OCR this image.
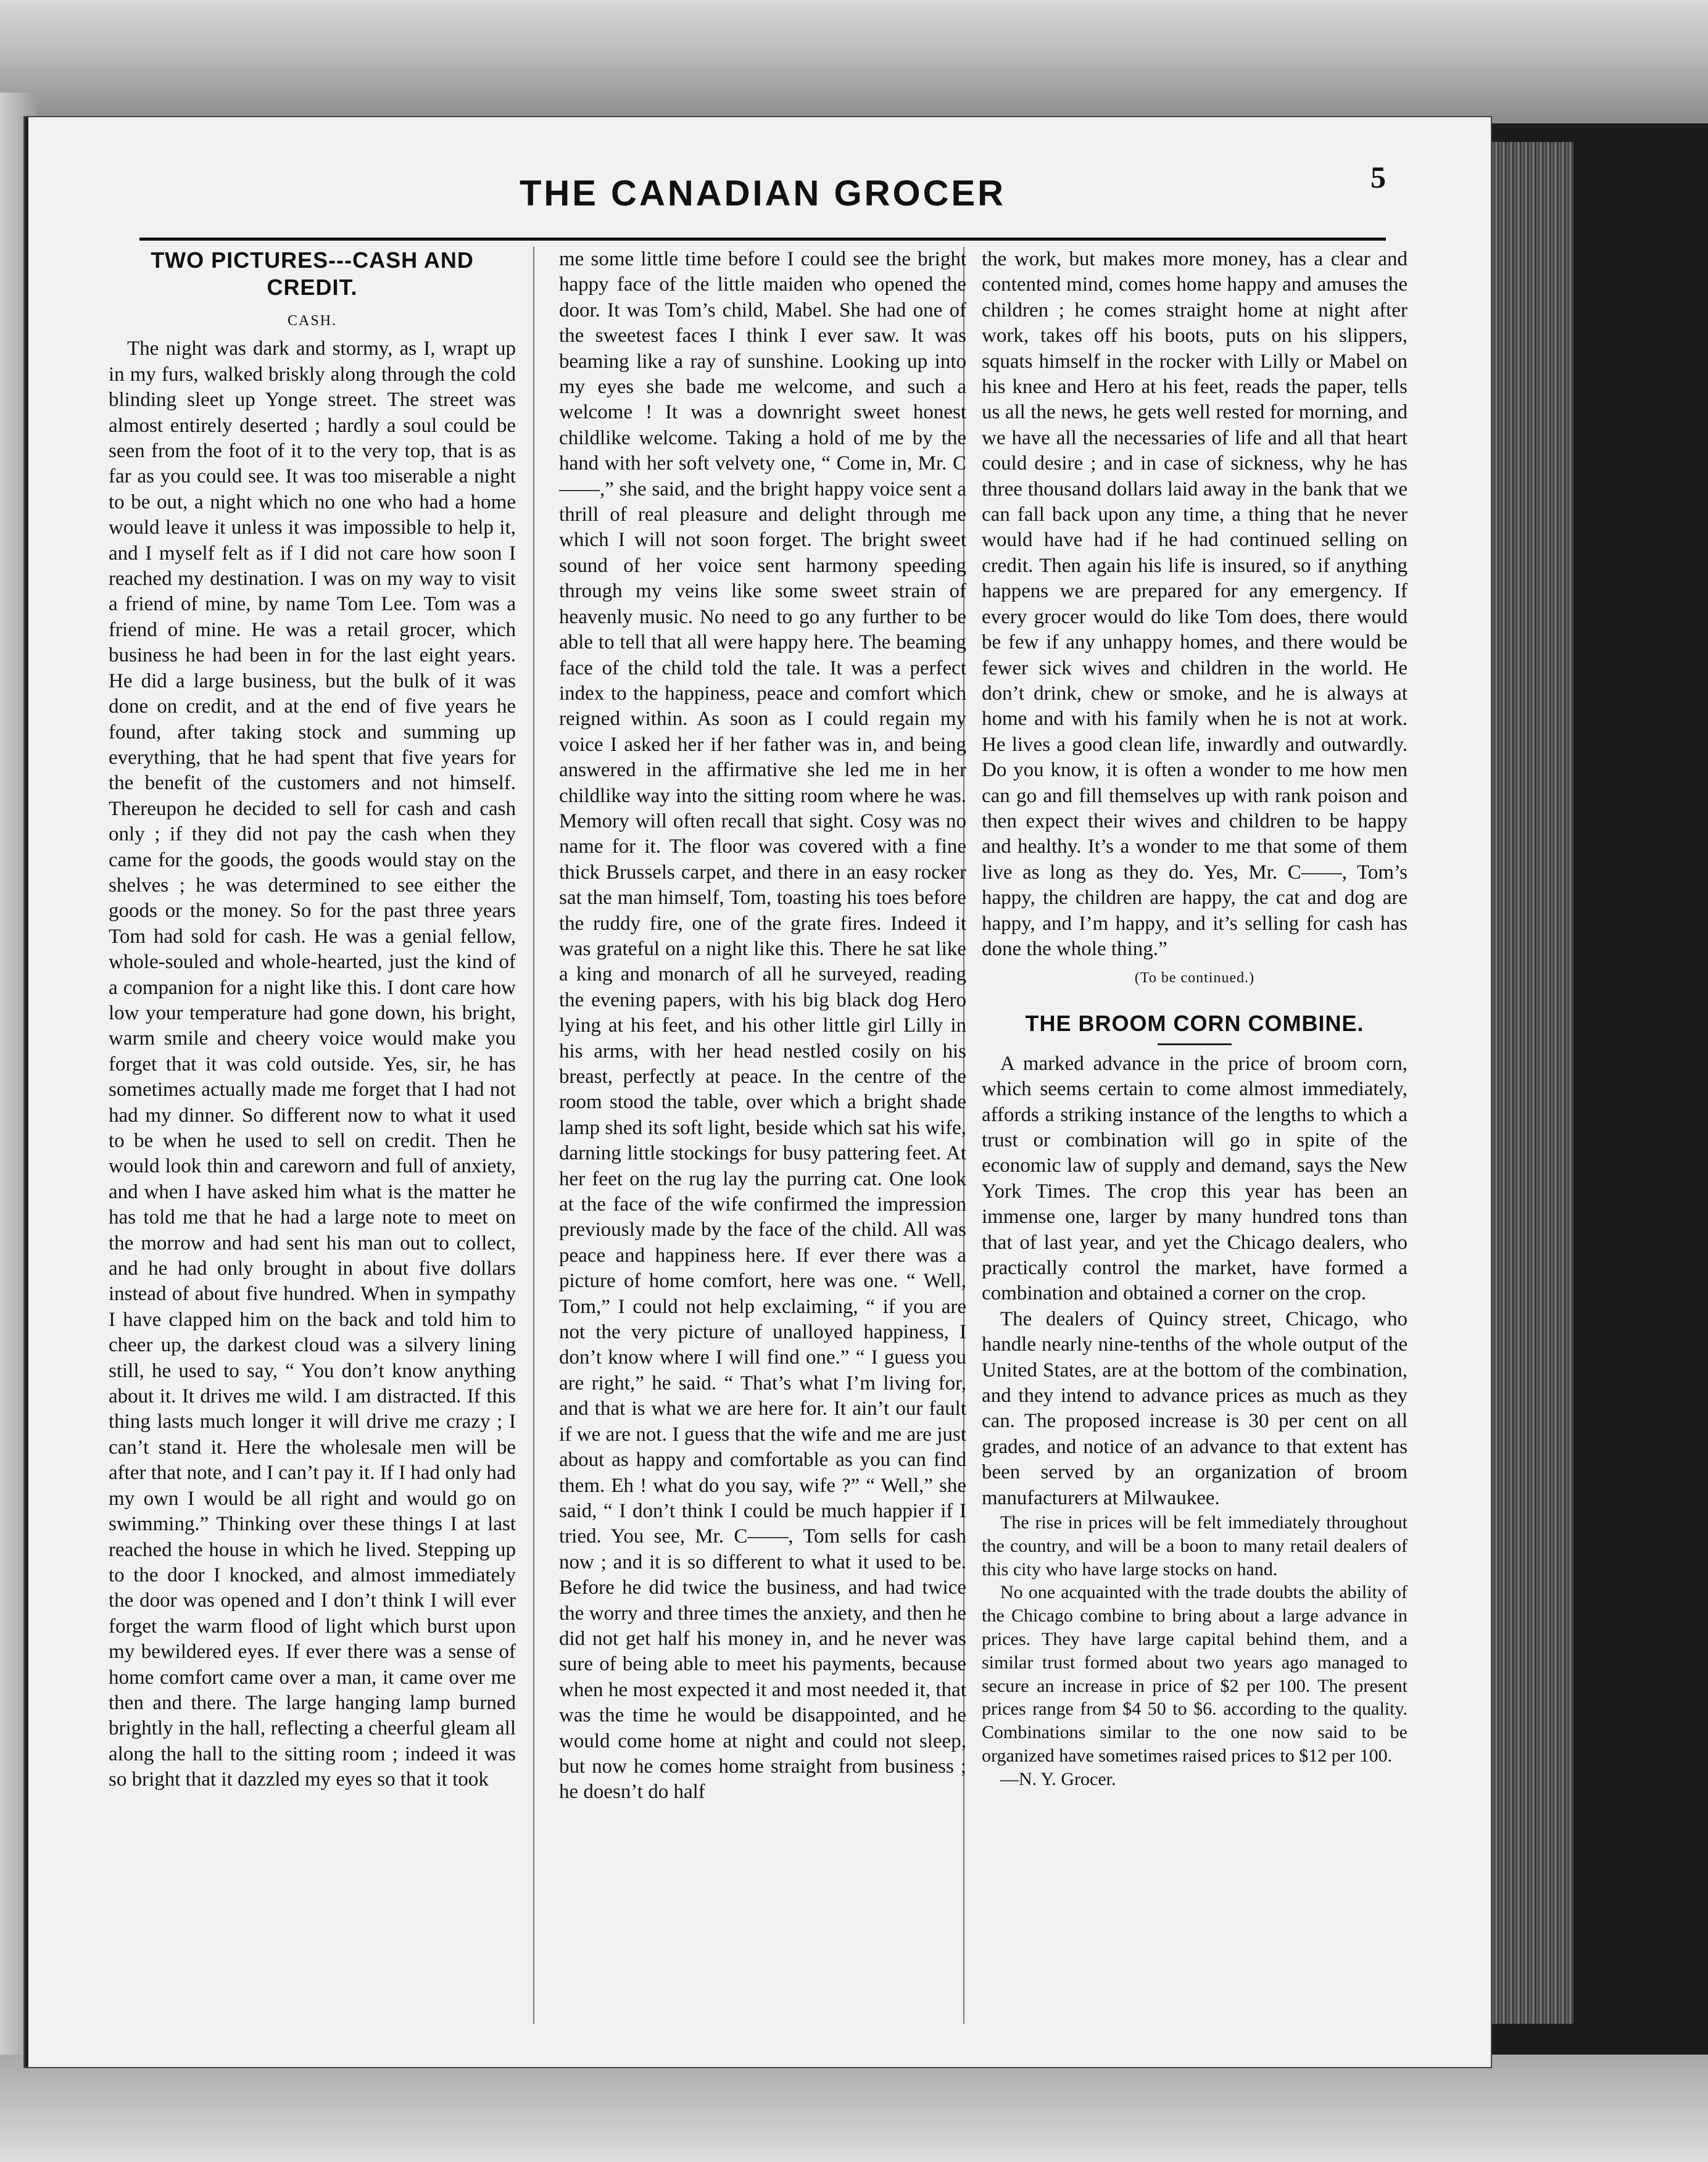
THE CANADIAN GROCER	5
TWO PICTURES---CASH AND CREDIT.
CASH.

The night was dark and stormy, as I, wrapt up in my furs, walked briskly along through the cold blinding sleet up Yonge street. The street was almost entirely deserted ; hardly a soul could be seen from the foot of it to the very top, that is as far as you could see. It was too miserable a night to be out, a night which no one who had a home would leave it unless it was impossible to help it, and I myself felt as if I did not care how soon I reached my destination. I was on my way to visit a friend of mine, by name Tom Lee. Tom was a friend of mine. He was a retail grocer, which business he had been in for the last eight years. He did a large business, but the bulk of it was done on credit, and at the end of five years he found, after taking stock and summing up everything, that he had spent that five years for the benefit of the customers and not himself. Thereupon he decided to sell for cash and cash only ; if they did not pay the cash when they came for the goods, the goods would stay on the shelves ; he was determined to see either the goods or the money. So for the past three years Tom had sold for cash. He was a genial fellow, whole-souled and whole-hearted, just the kind of a companion for a night like this. I dont care how low your temperature had gone down, his bright, warm smile and cheery voice would make you forget that it was cold outside. Yes, sir, he has sometimes actually made me forget that I had not had my dinner. So different now to what it used to be when he used to sell on credit. Then he would look thin and careworn and full of anxiety, and when I have asked him what is the matter he has told me that he had a large note to meet on the morrow and had sent his man out to collect, and he had only brought in about five dollars instead of about five hundred. When in sympathy I have clapped him on the back and told him to cheer up, the darkest cloud was a silvery lining still, he used to say, “ You don’t know anything about it. It drives me wild. I am distracted. If this thing lasts much longer it will drive me crazy ; I can’t stand it. Here the wholesale men will be after that note, and I can’t pay it. If I had only had my own I would be all right and would go on swimming.” Thinking over these things I at last reached the house in which he lived. Stepping up to the door I knocked, and almost immediately the door was opened and I don’t think I will ever forget the warm flood of light which burst upon my bewildered eyes. If ever there was a sense of home comfort came over a man, it came over me then and there. The large hanging lamp burned brightly in the hall, reflecting a cheerful gleam all along the hall to the sitting room ; indeed it was so bright that it dazzled my eyes so that it took

me some little time before I could see the bright happy face of the little maiden who opened the door. It was Tom’s child, Mabel. She had one of the sweetest faces I think I ever saw. It was beaming like a ray of sunshine. Looking up into my eyes she bade me welcome, and such a welcome ! It was a downright sweet honest childlike welcome. Taking a hold of me by the hand with her soft velvety one, “ Come in, Mr. C——,” she said, and the bright happy voice sent a thrill of real pleasure and delight through me which I will not soon forget. The bright sweet sound of her voice sent harmony speeding through my veins like some sweet strain of heavenly music. No need to go any further to be able to tell that all were happy here. The beaming face of the child told the tale. It was a perfect index to the happiness, peace and comfort which reigned within. As soon as I could regain my voice I asked her if her father was in, and being answered in the affirmative she led me in her childlike way into the sitting room where he was. Memory will often recall that sight. Cosy was no name for it. The floor was covered with a fine thick Brussels carpet, and there in an easy rocker sat the man himself, Tom, toasting his toes before the ruddy fire, one of the grate fires. Indeed it was grateful on a night like this. There he sat like a king and monarch of all he surveyed, reading the evening papers, with his big black dog Hero lying at his feet, and his other little girl Lilly in his arms, with her head nestled cosily on his breast, perfectly at peace. In the centre of the room stood the table, over which a bright shade lamp shed its soft light, beside which sat his wife, darning little stockings for busy pattering feet. At her feet on the rug lay the purring cat. One look at the face of the wife confirmed the impression previously made by the face of the child. All was peace and happiness here. If ever there was a picture of home comfort, here was one. “ Well, Tom,” I could not help exclaiming, “ if you are not the very picture of unalloyed happiness, I don’t know where I will find one.” “ I guess you are right,” he said. “ That’s what I’m living for, and that is what we are here for. It ain’t our fault if we are not. I guess that the wife and me are just about as happy and comfortable as you can find them. Eh ! what do you say, wife ?” “ Well,” she said, “ I don’t think I could be much happier if I tried. You see, Mr. C——, Tom sells for cash now ; and it is so different to what it used to be. Before he did twice the business, and had twice the worry and three times the anxiety, and then he did not get half his money in, and he never was sure of being able to meet his payments, because when he most expected it and most needed it, that was the time he would be disappointed, and he would come home at night and could not sleep, but now he comes home straight from business ; he doesn’t do half

the work, but makes more money, has a clear and contented mind, comes home happy and amuses the children ; he comes straight home at night after work, takes off his boots, puts on his slippers, squats himself in the rocker with Lilly or Mabel on his knee and Hero at his feet, reads the paper, tells us all the news, he gets well rested for morning, and we have all the necessaries of life and all that heart could desire ; and in case of sickness, why he has three thousand dollars laid away in the bank that we can fall back upon any time, a thing that he never would have had if he had continued selling on credit. Then again his life is insured, so if anything happens we are prepared for any emergency. If every grocer would do like Tom does, there would be few if any unhappy homes, and there would be fewer sick wives and children in the world. He don’t drink, chew or smoke, and he is always at home and with his family when he is not at work. He lives a good clean life, inwardly and outwardly. Do you know, it is often a wonder to me how men can go and fill themselves up with rank poison and then expect their wives and children to be happy and healthy. It’s a wonder to me that some of them live as long as they do. Yes, Mr. C——, Tom’s happy, the children are happy, the cat and dog are happy, and I’m happy, and it’s selling for cash has done the whole thing.”

(To be continued.)
THE BROOM CORN COMBINE.

A marked advance in the price of broom corn, which seems certain to come almost immediately, affords a striking instance of the lengths to which a trust or combination will go in spite of the economic law of supply and demand, says the New York Times. The crop this year has been an immense one, larger by many hundred tons than that of last year, and yet the Chicago dealers, who practically control the market, have formed a combination and obtained a corner on the crop.

The dealers of Quincy street, Chicago, who handle nearly nine-tenths of the whole output of the United States, are at the bottom of the combination, and they intend to advance prices as much as they can. The proposed increase is 30 per cent on all grades, and notice of an advance to that extent has been served by an organization of broom manufacturers at Milwaukee.

The rise in prices will be felt immediately throughout the country, and will be a boon to many retail dealers of this city who have large stocks on hand.

No one acquainted with the trade doubts the ability of the Chicago combine to bring about a large advance in prices. They have large capital behind them, and a similar trust formed about two years ago managed to secure an increase in price of $2 per 100. The present prices range from $4 50 to $6. according to the quality. Combinations similar to the one now said to be organized have sometimes raised prices to $12 per 100.

—N. Y. Grocer.
